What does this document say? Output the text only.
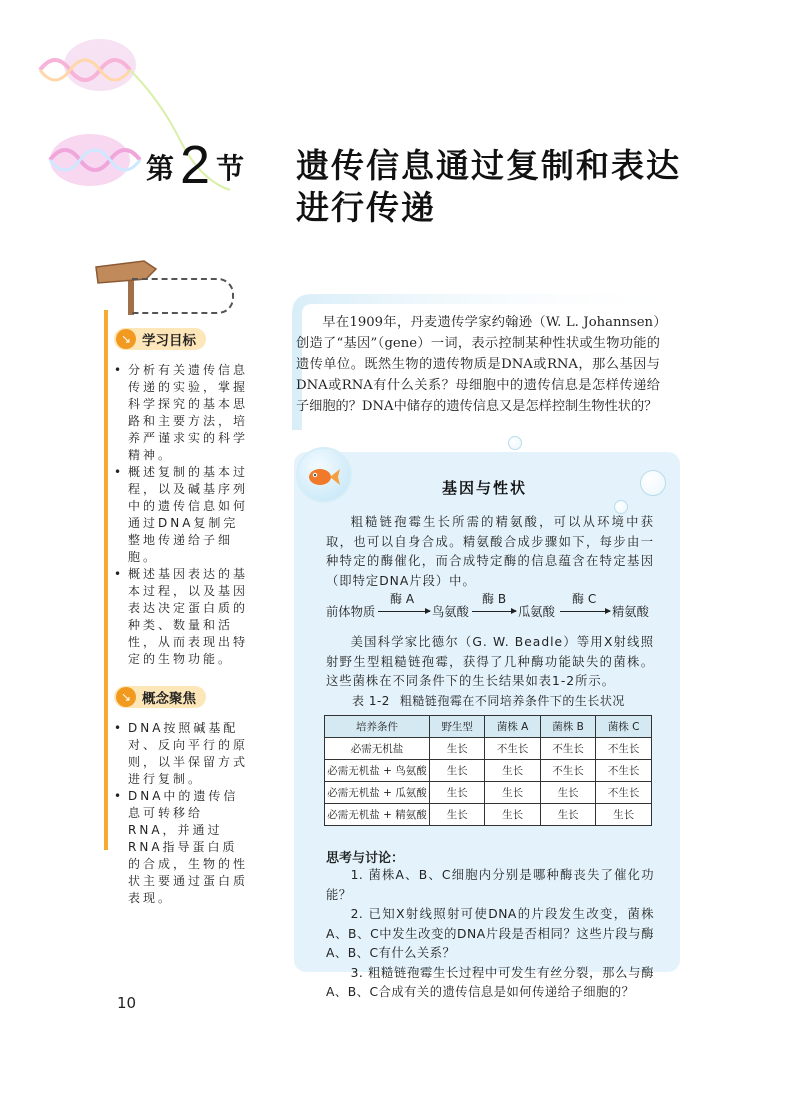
第 2 节 遗传信息通过复制和表达
进行传递
↘ 学习目标
• 分析有关遗传信息传递的实验，掌握科学探究的基本思路和主要方法，培养严谨求实的科学精神。
• 概述复制的基本过程，以及碱基序列中的遗传信息如何通过DNA复制完整地传递给子细胞。
• 概述基因表达的基本过程，以及基因表达决定蛋白质的种类、数量和活性，从而表现出特定的生物功能。
↘ 概念聚焦
• DNA按照碱基配对、反向平行的原则，以半保留方式进行复制。
• DNA中的遗传信息可转移给RNA，并通过RNA指导蛋白质的合成，生物的性状主要通过蛋白质表现。
早在1909年，丹麦遗传学家约翰逊（W. L. Johannsen）创造了“基因”（gene）一词，表示控制某种性状或生物功能的遗传单位。既然生物的遗传物质是DNA或RNA，那么基因与DNA或RNA有什么关系？母细胞中的遗传信息是怎样传递给子细胞的？DNA中储存的遗传信息又是怎样控制生物性状的？
基因与性状
粗糙链孢霉生长所需的精氨酸，可以从环境中获取，也可以自身合成。精氨酸合成步骤如下，每步由一种特定的酶催化，而合成特定酶的信息蕴含在特定基因（即特定DNA片段）中。
前体物质
酶 A
鸟氨酸
酶 B
瓜氨酸
酶 C
精氨酸
美国科学家比德尔（G. W. Beadle）等用X射线照射野生型粗糙链孢霉，获得了几种酶功能缺失的菌株。这些菌株在不同条件下的生长结果如表1-2所示。
表 1-2 粗糙链孢霉在不同培养条件下的生长状况
培养条件	野生型	菌株 A	菌株 B	菌株 C
必需无机盐	生长	不生长	不生长	不生长
必需无机盐 + 鸟氨酸	生长	生长	不生长	不生长
必需无机盐 + 瓜氨酸	生长	生长	生长	不生长
必需无机盐 + 精氨酸	生长	生长	生长	生长
思考与讨论：

1. 菌株A、B、C细胞内分别是哪种酶丧失了催化功能？

2. 已知X射线照射可使DNA的片段发生改变，菌株A、B、C中发生改变的DNA片段是否相同？这些片段与酶A、B、C有什么关系？

3. 粗糙链孢霉生长过程中可发生有丝分裂，那么与酶A、B、C合成有关的遗传信息是如何传递给子细胞的？

10
